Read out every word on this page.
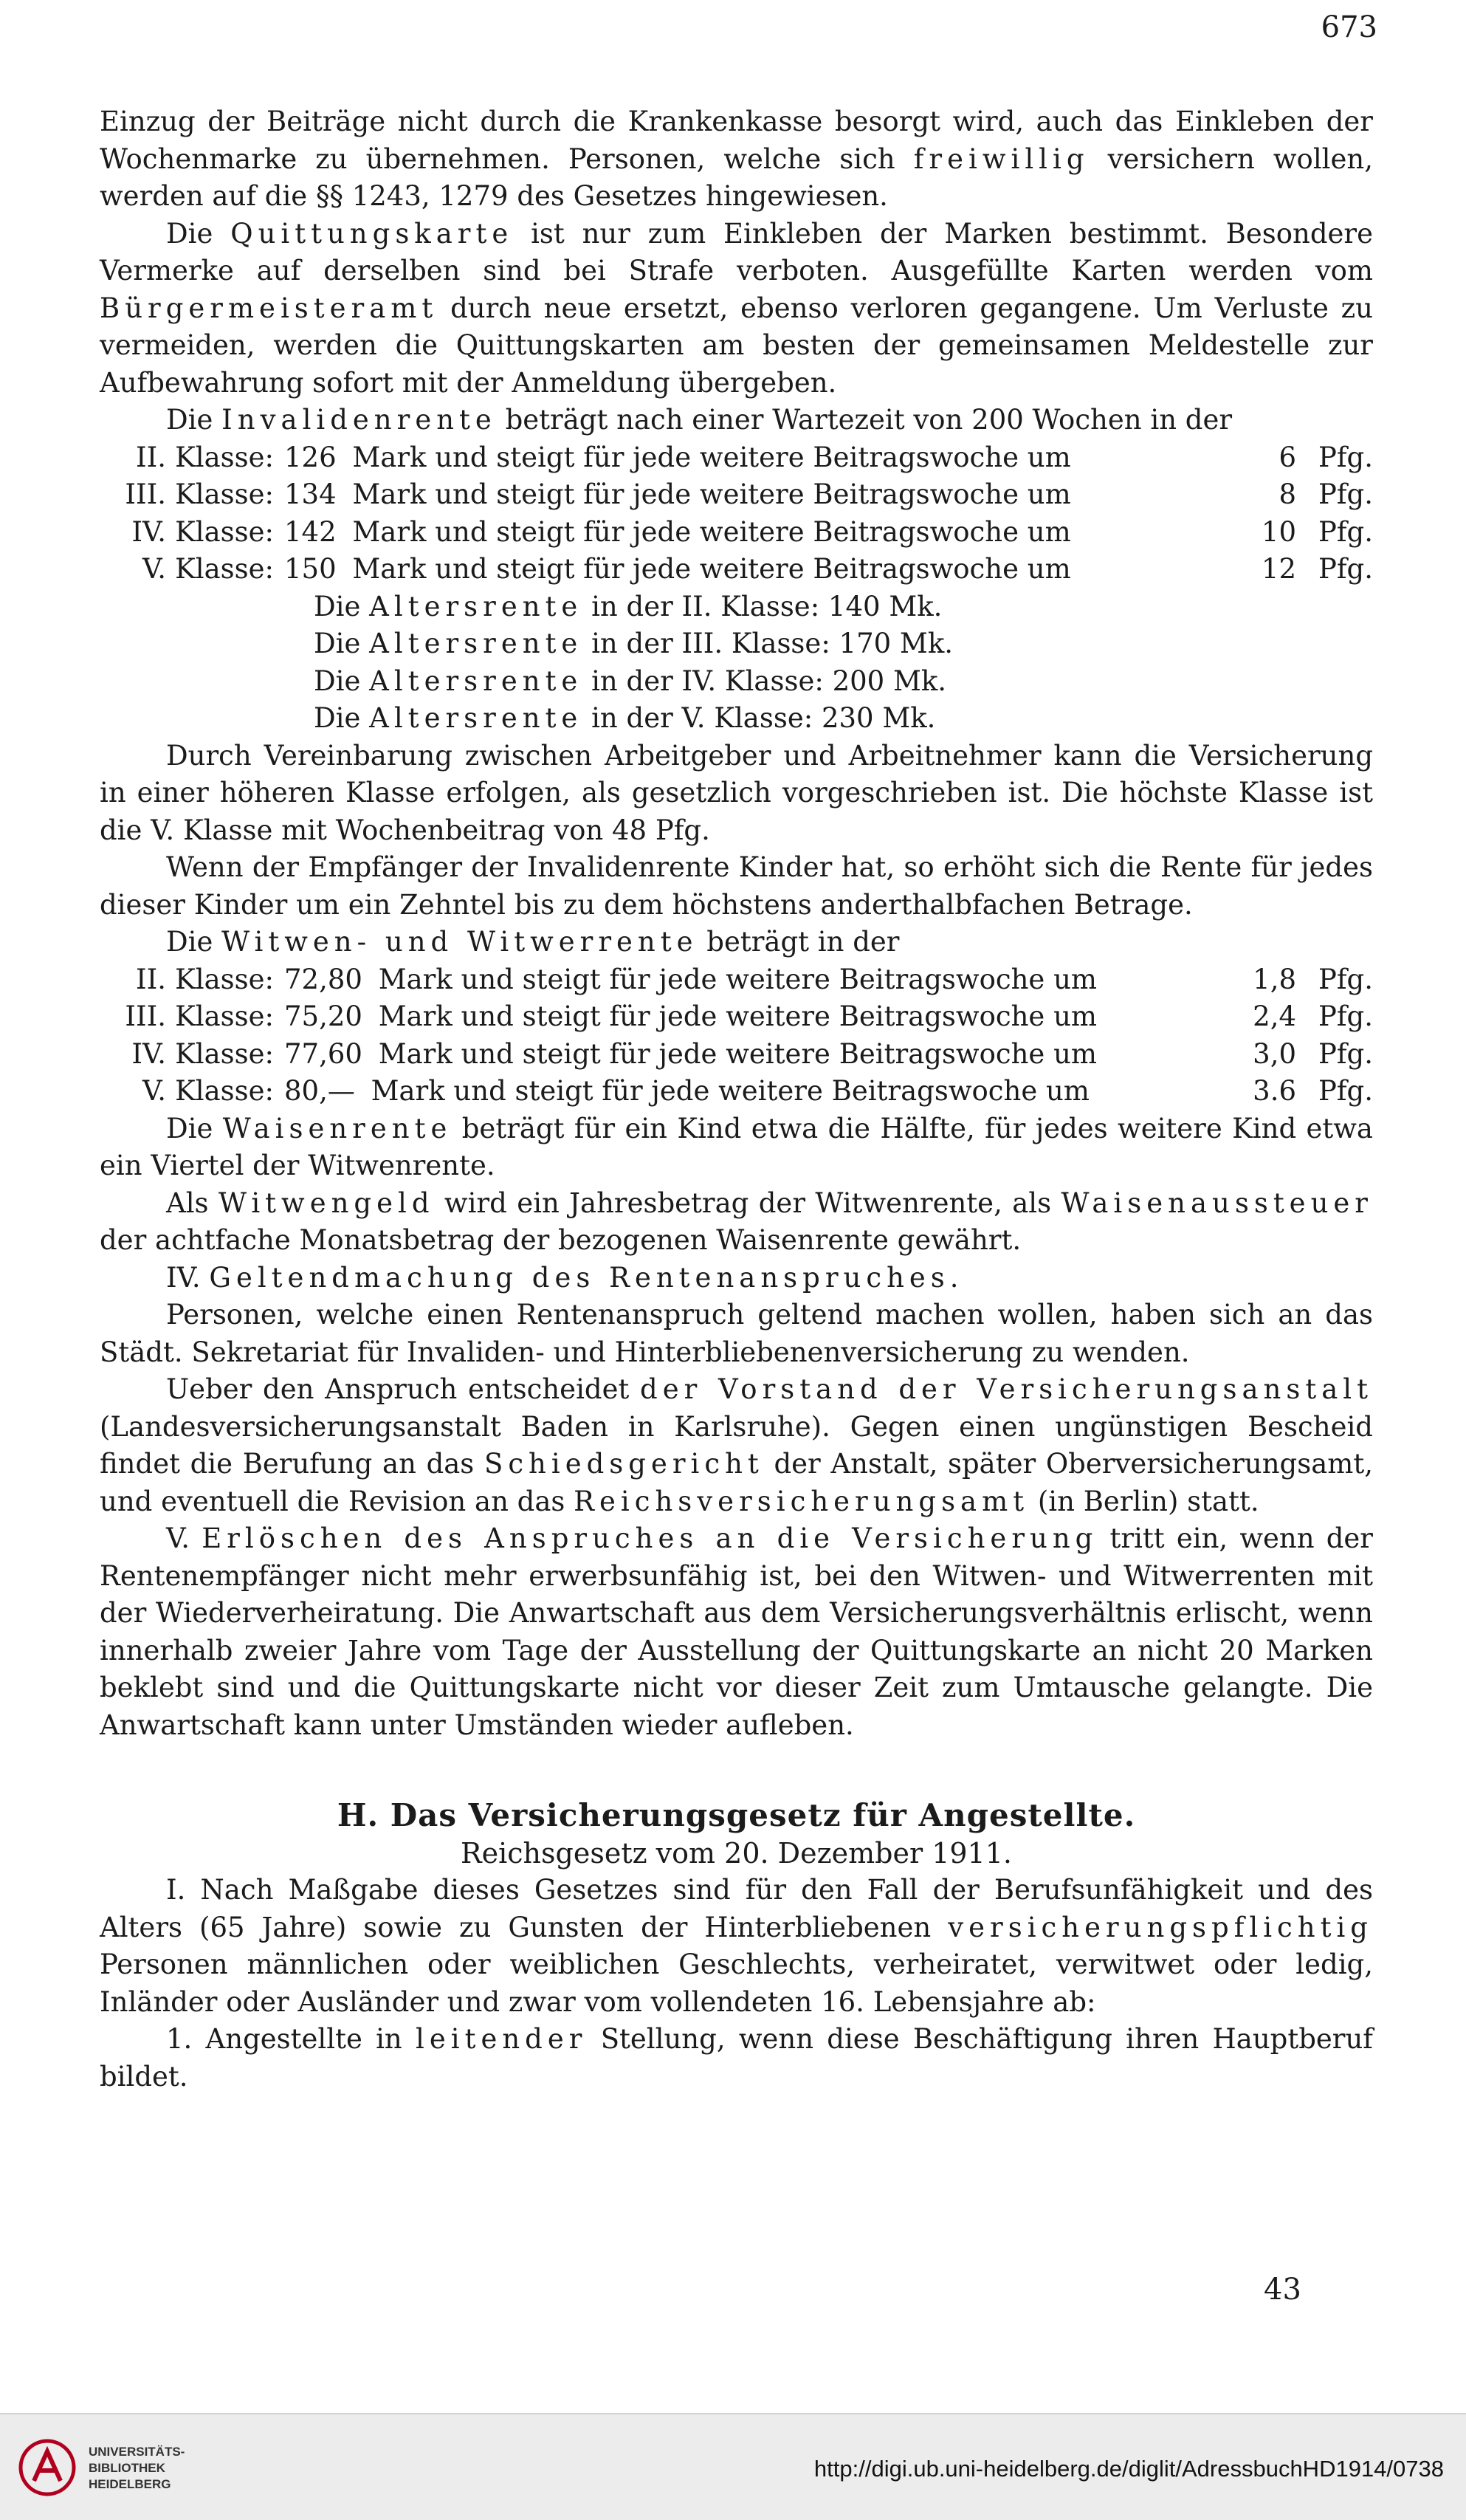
673

Einzug der Beiträge nicht durch die Krankenkasse besorgt wird, auch das Einkleben der Wochenmarke zu übernehmen. Personen, welche sich freiwillig versichern wollen, werden auf die §§ 1243, 1279 des Gesetzes hingewiesen.

Die Quittungskarte ist nur zum Einkleben der Marken bestimmt. Besondere Vermerke auf derselben sind bei Strafe verboten. Ausgefüllte Karten werden vom Bürgermeisteramt durch neue ersetzt, ebenso verloren gegangene. Um Verluste zu vermeiden, werden die Quittungskarten am besten der gemeinsamen Meldestelle zur Aufbewahrung sofort mit der Anmeldung übergeben.

Die Invalidenrente beträgt nach einer Wartezeit von 200 Wochen in der

II. Klasse: 126 Mark und steigt für jede weitere Beitragswoche um	6 Pfg.
III. Klasse: 134 Mark und steigt für jede weitere Beitragswoche um	8 Pfg.
IV. Klasse: 142 Mark und steigt für jede weitere Beitragswoche um	10 Pfg.
V. Klasse: 150 Mark und steigt für jede weitere Beitragswoche um	12 Pfg.
Die Altersrente in der II. Klasse: 140 Mk.
Die Altersrente in der III. Klasse: 170 Mk.
Die Altersrente in der IV. Klasse: 200 Mk.
Die Altersrente in der V. Klasse: 230 Mk.

Durch Vereinbarung zwischen Arbeitgeber und Arbeitnehmer kann die Versicherung in einer höheren Klasse erfolgen, als gesetzlich vorgeschrieben ist. Die höchste Klasse ist die V. Klasse mit Wochenbeitrag von 48 Pfg.

Wenn der Empfänger der Invalidenrente Kinder hat, so erhöht sich die Rente für jedes dieser Kinder um ein Zehntel bis zu dem höchstens anderthalbfachen Betrage.

Die Witwen- und Witwerrente beträgt in der

II. Klasse: 72,80 Mark und steigt für jede weitere Beitragswoche um	1,8 Pfg.
III. Klasse: 75,20 Mark und steigt für jede weitere Beitragswoche um	2,4 Pfg.
IV. Klasse: 77,60 Mark und steigt für jede weitere Beitragswoche um	3,0 Pfg.
V. Klasse: 80,— Mark und steigt für jede weitere Beitragswoche um	3.6 Pfg.

Die Waisenrente beträgt für ein Kind etwa die Hälfte, für jedes weitere Kind etwa ein Viertel der Witwenrente.

Als Witwengeld wird ein Jahresbetrag der Witwenrente, als Waisenaussteuer der achtfache Monatsbetrag der bezogenen Waisenrente gewährt.

IV. Geltendmachung des Rentenanspruches.

Personen, welche einen Rentenanspruch geltend machen wollen, haben sich an das Städt. Sekretariat für Invaliden- und Hinterbliebenenversicherung zu wenden.

Ueber den Anspruch entscheidet der Vorstand der Versicherungsanstalt (Landesversicherungsanstalt Baden in Karlsruhe). Gegen einen ungünstigen Bescheid findet die Berufung an das Schiedsgericht der Anstalt, später Oberversicherungsamt, und eventuell die Revision an das Reichsversicherungsamt (in Berlin) statt.

V. Erlöschen des Anspruches an die Versicherung tritt ein, wenn der Rentenempfänger nicht mehr erwerbsunfähig ist, bei den Witwen- und Witwerrenten mit der Wiederverheiratung. Die Anwartschaft aus dem Versicherungsverhältnis erlischt, wenn innerhalb zweier Jahre vom Tage der Ausstellung der Quittungskarte an nicht 20 Marken beklebt sind und die Quittungskarte nicht vor dieser Zeit zum Umtausche gelangte. Die Anwartschaft kann unter Umständen wieder aufleben.

H. Das Versicherungsgesetz für Angestellte.
Reichsgesetz vom 20. Dezember 1911.

I. Nach Maßgabe dieses Gesetzes sind für den Fall der Berufsunfähigkeit und des Alters (65 Jahre) sowie zu Gunsten der Hinterbliebenen versicherungspflichtig Personen männlichen oder weiblichen Geschlechts, verheiratet, verwitwet oder ledig, Inländer oder Ausländer und zwar vom vollendeten 16. Lebensjahre ab:

1. Angestellte in leitender Stellung, wenn diese Beschäftigung ihren Hauptberuf bildet.

43
UNIVERSITÄTS-
BIBLIOTHEK
HEIDELBERG
http://digi.ub.uni-heidelberg.de/diglit/AdressbuchHD1914/0738
